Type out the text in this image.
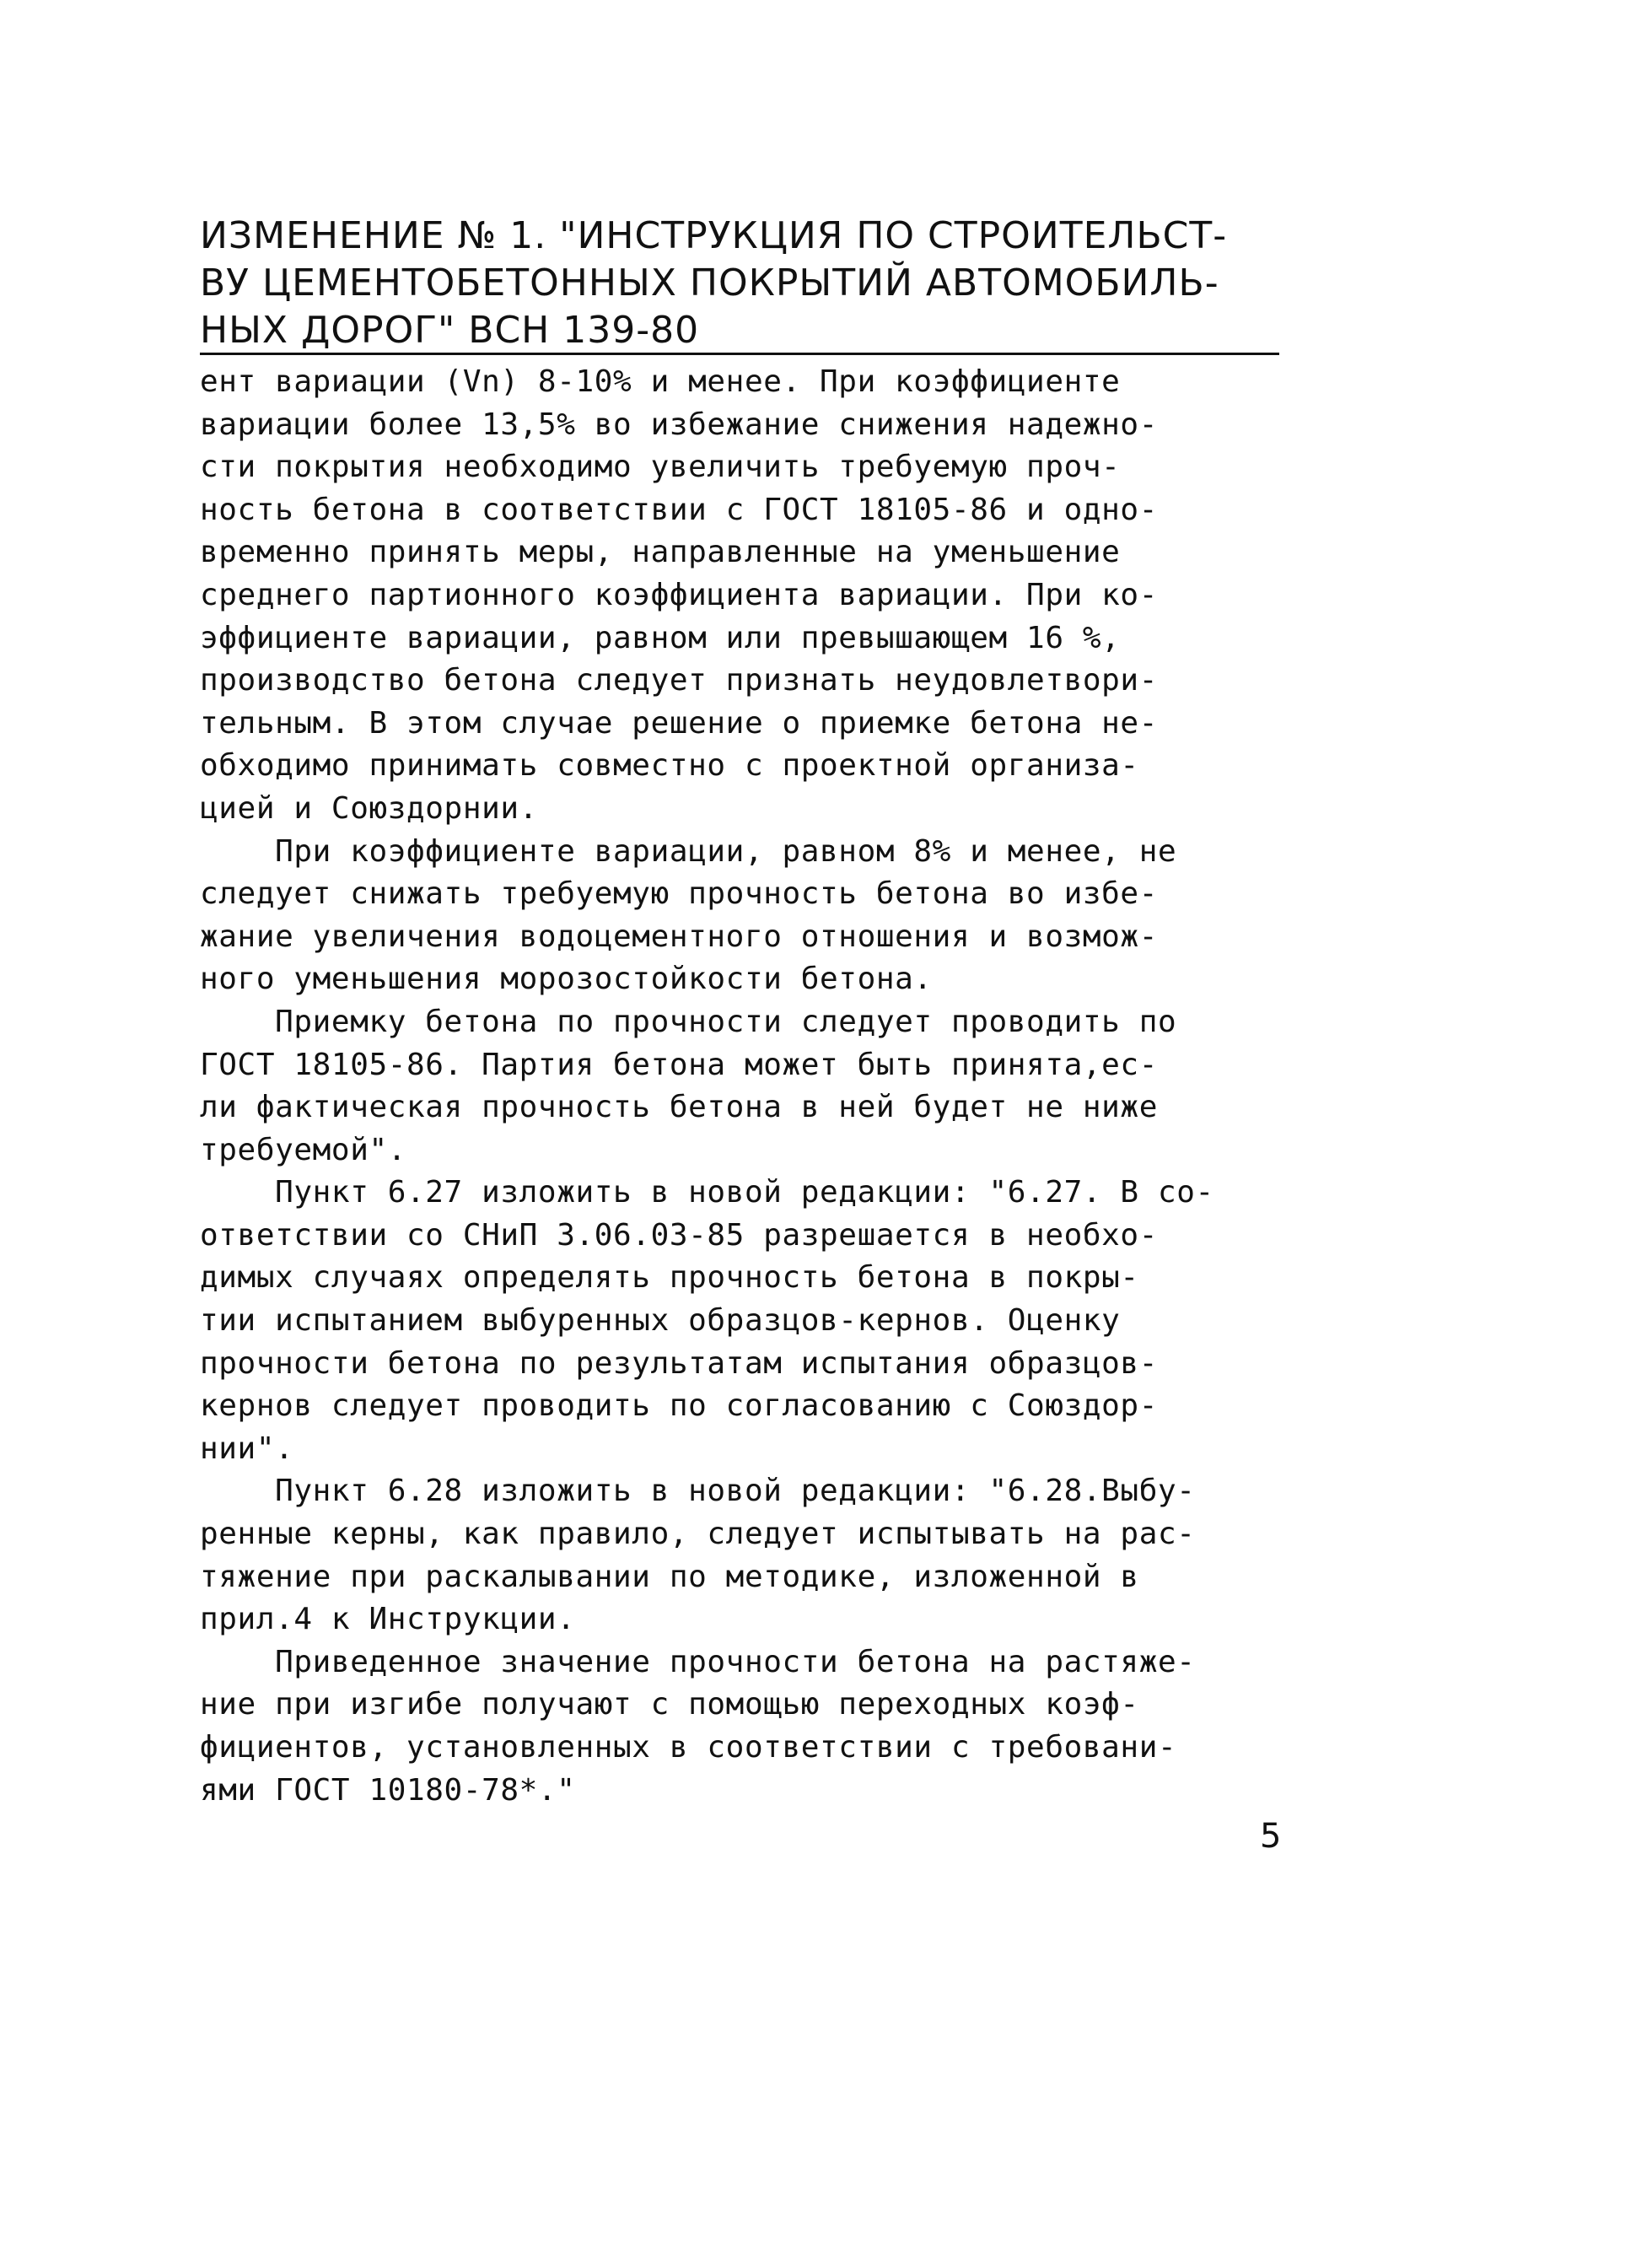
ИЗМЕНЕНИЕ № 1. "ИНСТРУКЦИЯ ПО СТРОИТЕЛЬСТ-
ВУ ЦЕМЕНТОБЕТОННЫХ ПОКРЫТИЙ АВТОМОБИЛЬ-
НЫХ ДОРОГ" ВСН 139-80
ент вариации (Vn) 8-10% и менее. При коэффициенте
вариации более 13,5% во избежание снижения надежно-
сти покрытия необходимо увеличить требуемую проч-
ность бетона в соответствии с ГОСТ 18105-86 и одно-
временно принять меры, направленные на уменьшение
среднего партионного коэффициента вариации. При ко-
эффициенте вариации, равном или превышающем 16 %,
производство бетона следует признать неудовлетвори-
тельным. В этом случае решение о приемке бетона не-
обходимо принимать совместно с проектной организа-
цией и Союздорнии.
При коэффициенте вариации, равном 8% и менее, не
следует снижать требуемую прочность бетона во избе-
жание увеличения водоцементного отношения и возмож-
ного уменьшения морозостойкости бетона.
Приемку бетона по прочности следует проводить по
ГОСТ 18105-86. Партия бетона может быть принята,ес-
ли фактическая прочность бетона в ней будет не ниже
требуемой".
Пункт 6.27 изложить в новой редакции: "6.27. В со-
ответствии со СНиП 3.06.03-85 разрешается в необхо-
димых случаях определять прочность бетона в покры-
тии испытанием выбуренных образцов-кернов. Оценку
прочности бетона по результатам испытания образцов-
кернов следует проводить по согласованию с Союздор-
нии".
Пункт 6.28 изложить в новой редакции: "6.28.Выбу-
ренные керны, как правило, следует испытывать на рас-
тяжение при раскалывании по методике, изложенной в
прил.4 к Инструкции.
Приведенное значение прочности бетона на растяже-
ние при изгибе получают с помощью переходных коэф-
фициентов, установленных в соответствии с требовани-
ями ГОСТ 10180-78*."
5
